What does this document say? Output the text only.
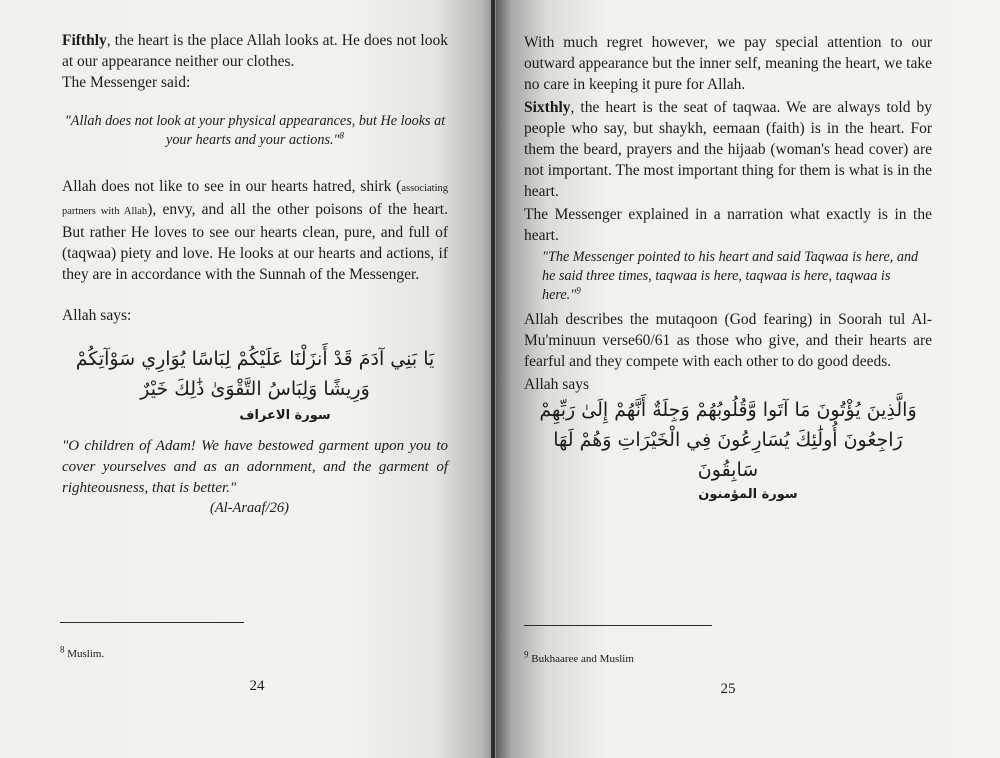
Fifthly, the heart is the place Allah looks at. He does not look at our appearance neither our clothes.

The Messenger said:

"Allah does not look at your physical appearances, but He looks at your hearts and your actions."$^8$

Allah does not like to see in our hearts hatred, shirk (associating partners with Allah), envy, and all the other poisons of the heart. But rather He loves to see our hearts clean, pure, and full of (taqwaa) piety and love. He looks at our hearts and actions, if they are in accordance with the Sunnah of the Messenger.

Allah says:

يَا بَنِي آدَمَ قَدْ أَنزَلْنَا عَلَيْكُمْ لِبَاسًا يُوَارِي سَوْآتِكُمْ وَرِيشًا وَلِبَاسُ التَّقْوَىٰ ذَٰلِكَ خَيْرٌ

سورة الاعراف

"O children of Adam! We have bestowed garment upon you to cover yourselves and as an adornment, and the garment of righteousness, that is better."

(Al-Araaf/26)

$^8$ Muslim.
24

With much regret however, we pay special attention to our outward appearance but the inner self, meaning the heart, we take no care in keeping it pure for Allah.

Sixthly, the heart is the seat of taqwaa. We are always told by people who say, but shaykh, eemaan (faith) is in the heart. For them the beard, prayers and the hijaab (woman's head cover) are not important. The most important thing for them is what is in the heart.

The Messenger explained in a narration what exactly is in the heart.

"The Messenger pointed to his heart and said Taqwaa is here, and he said three times, taqwaa is here, taqwaa is here, taqwaa is here."$^9$

Allah describes the mutaqoon (God fearing) in Soorah tul Al-Mu'minuun verse60/61 as those who give, and their hearts are fearful and they compete with each other to do good deeds.

Allah says

وَالَّذِينَ يُؤْتُونَ مَا آتَوا وَّقُلُوبُهُمْ وَجِلَةٌ أَنَّهُمْ إِلَىٰ رَبِّهِمْ رَاجِعُونَ أُولَٰئِكَ يُسَارِعُونَ فِي الْخَيْرَاتِ وَهُمْ لَهَا سَابِقُونَ

سورة المؤمنون

$^9$ Bukhaaree and Muslim
25
